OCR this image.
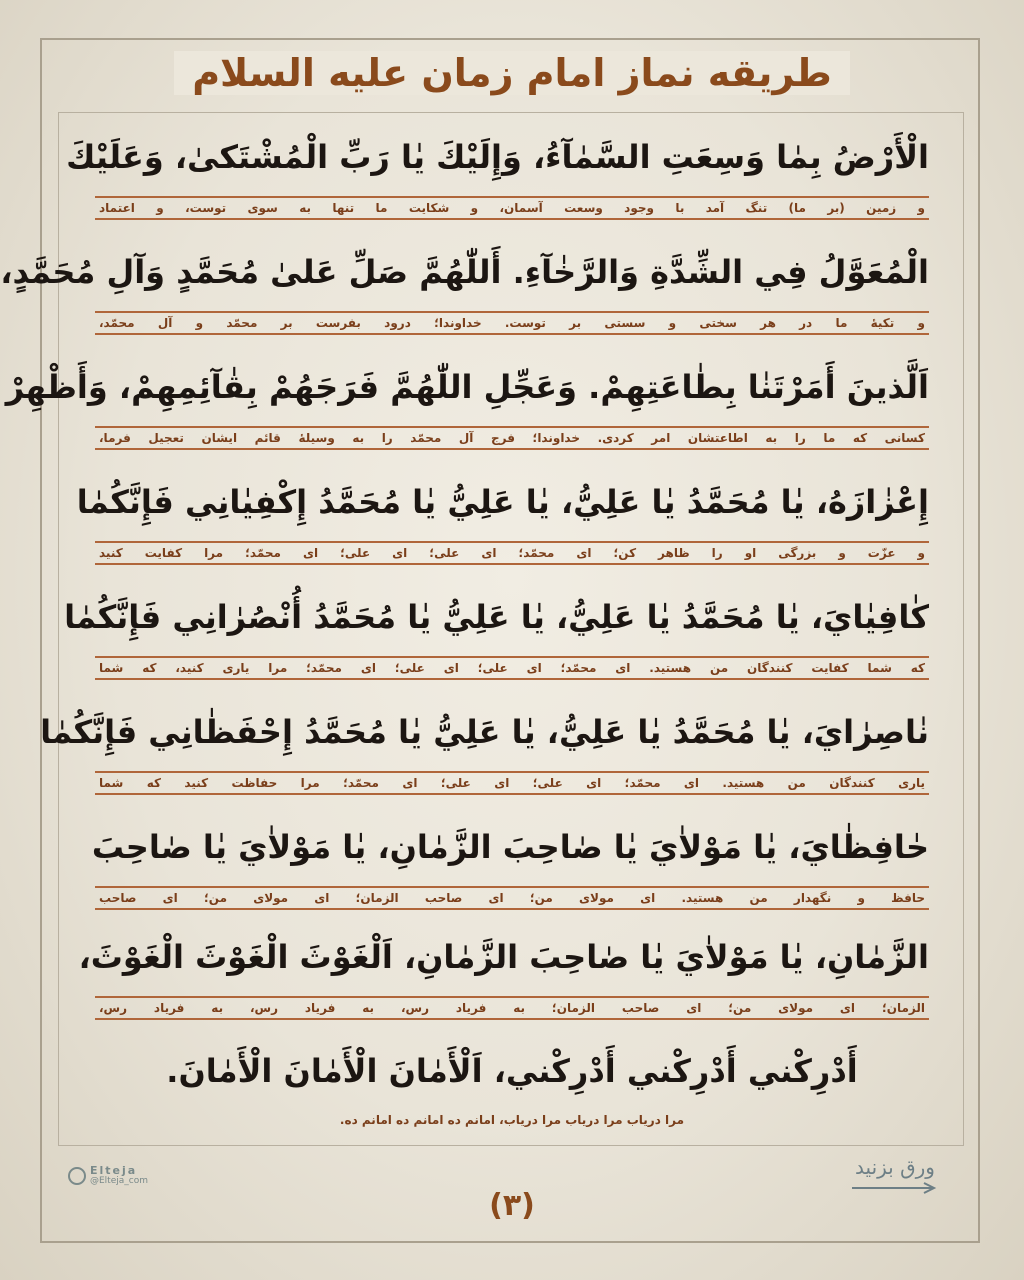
طریقه نماز امام زمان علیه السلام
الْأَرْضُ بِمٰا وَسِعَتِ السَّمٰآءُ، وَإِلَيْكَ يٰا رَبِّ الْمُشْتَكىٰ، وَعَلَيْكَ
و زمین (بر ما) تنگ آمد با وجود وسعت آسمان، و شکایت ما تنها به سوی توست، و اعتماد
الْمُعَوَّلُ فِي الشِّدَّةِ وَالرَّخٰآءِ. أَللّٰهُمَّ صَلِّ عَلىٰ مُحَمَّدٍ وَآلِ مُحَمَّدٍ،
و تکیهٔ ما در هر سختی و سستی بر توست. خداوندا؛ درود بفرست بر محمّد و آل محمّد،
اَلَّذينَ أَمَرْتَنٰا بِطٰاعَتِهِمْ. وَعَجِّلِ اللّٰهُمَّ فَرَجَهُمْ بِقٰآئِمِهِمْ، وَأَظْهِرْ
کسانی که ما را به اطاعتشان امر کردی. خداوندا؛ فرج آل محمّد را به وسیلهٔ قائم ایشان تعجیل فرما،
إِعْزٰازَهُ، يٰا مُحَمَّدُ يٰا عَلِيُّ، يٰا عَلِيُّ يٰا مُحَمَّدُ إِكْفِيٰانِي فَإِنَّكُمٰا
و عزّت و بزرگی او را ظاهر کن؛ ای محمّد؛ ای علی؛ ای علی؛ ای محمّد؛ مرا کفایت کنید
كٰافِيٰايَ، يٰا مُحَمَّدُ يٰا عَلِيُّ، يٰا عَلِيُّ يٰا مُحَمَّدُ أُنْصُرٰانِي فَإِنَّكُمٰا
که شما کفایت کنندگان من هستید. ای محمّد؛ ای علی؛ ای علی؛ ای محمّد؛ مرا یاری کنید، که شما
نٰاصِرٰايَ، يٰا مُحَمَّدُ يٰا عَلِيُّ، يٰا عَلِيُّ يٰا مُحَمَّدُ إِحْفَظٰانِي فَإِنَّكُمٰا
یاری کنندگان من هستید. ای محمّد؛ ای علی؛ ای علی؛ ای محمّد؛ مرا حفاظت کنید که شما
حٰافِظٰايَ، يٰا مَوْلاٰيَ يٰا صٰاحِبَ الزَّمٰانِ، يٰا مَوْلاٰيَ يٰا صٰاحِبَ
حافظ و نگهدار من هستید. ای مولای من؛ ای صاحب الزمان؛ ای مولای من؛ ای صاحب
الزَّمٰانِ، يٰا مَوْلاٰيَ يٰا صٰاحِبَ الزَّمٰانِ، اَلْغَوْثَ الْغَوْثَ الْغَوْثَ،
الزمان؛ ای مولای من؛ ای صاحب الزمان؛ به فریاد رس، به فریاد رس، به فریاد رس،
أَدْرِكْني أَدْرِكْني أَدْرِكْني، اَلْأَمٰانَ الْأَمٰانَ الْأَمٰانَ.
مرا دریاب مرا دریاب مرا دریاب، امانم ده امانم ده امانم ده.
Elteja
@Elteja_com
(۳)
ورق بزنید
